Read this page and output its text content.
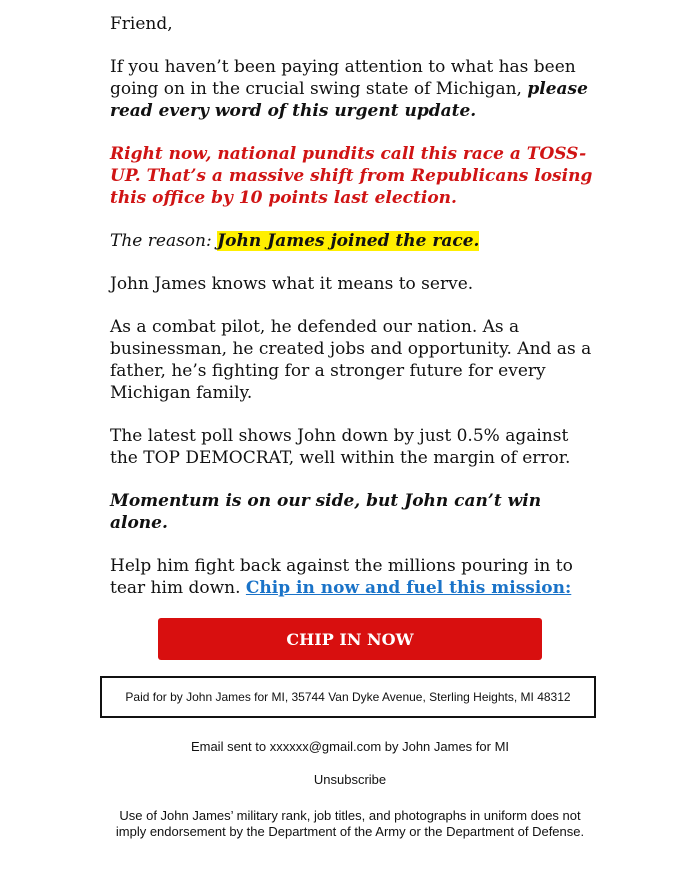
Friend,

If you haven’t been paying attention to what has been going on in the crucial swing state of Michigan, please read every word of this urgent update.

Right now, national pundits call this race a TOSS-UP. That’s a massive shift from Republicans losing this office by 10 points last election.

The reason: John James joined the race.

John James knows what it means to serve.

As a combat pilot, he defended our nation. As a businessman, he created jobs and opportunity. And as a father, he’s fighting for a stronger future for every Michigan family.

The latest poll shows John down by just 0.5% against the TOP DEMOCRAT, well within the margin of error.

Momentum is on our side, but John can’t win alone.

Help him fight back against the millions pouring in to tear him down. Chip in now and fuel this mission:

CHIP IN NOW
Paid for by John James for MI, 35744 Van Dyke Avenue, Sterling Heights, MI 48312
Email sent to xxxxxx@gmail.com by John James for MI
Unsubscribe
Use of John James’ military rank, job titles, and photographs in uniform does not imply endorsement by the Department of the Army or the Department of Defense.
